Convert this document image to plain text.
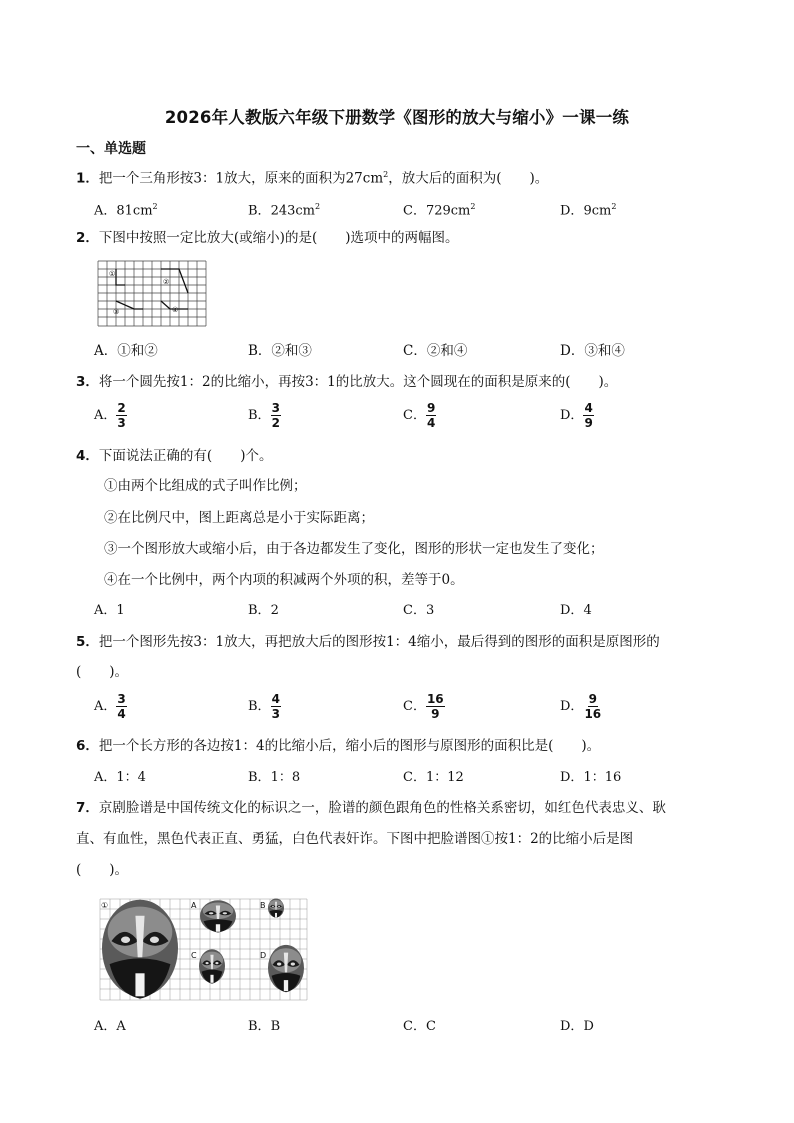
2026年人教版六年级下册数学《图形的放大与缩小》一课一练
一、单选题
1．把一个三角形按3：1放大，原来的面积为$27cm^2$，放大后的面积为( )。
A．$81cm^2$	B．$243cm^2$	C．$729cm^2$	D．$9cm^2$
2．下图中按照一定比放大(或缩小)的是( )选项中的两幅图。
①
②
③	④
A．①和②	B．②和③	C．②和④	D．③和④
3．将一个圆先按1：2的比缩小，再按3：1的比放大。这个圆现在的面积是原来的( )。
A． $\frac{2}{3}$	B． $\frac{3}{2}$	C． $\frac{9}{4}$	D． $\frac{4}{9}$
4．下面说法正确的有( )个。
①由两个比组成的式子叫作比例；
②在比例尺中，图上距离总是小于实际距离；
③一个图形放大或缩小后，由于各边都发生了变化，图形的形状一定也发生了变化；
④在一个比例中，两个内项的积减两个外项的积，差等于0。
A．1	B．2	C．3	D．4
5．把一个图形先按3：1放大，再把放大后的图形按1：4缩小，最后得到的图形的面积是原图形的
( )。
A． $\frac{3}{4}$	B． $\frac{4}{3}$	C． $\frac{16}{9}$	D． $\frac{9}{16}$
6．把一个长方形的各边按1：4的比缩小后，缩小后的图形与原图形的面积比是( )。
A．1：4	B．1：8	C．1：12	D．1：16
7．京剧脸谱是中国传统文化的标识之一，脸谱的颜色跟角色的性格关系密切，如红色代表忠义、耿
直、有血性，黑色代表正直、勇猛，白色代表奸诈。下图中把脸谱图①按1：2的比缩小后是图
( )。
①	A	B
C	D
A．A	B．B	C．C	D．D
